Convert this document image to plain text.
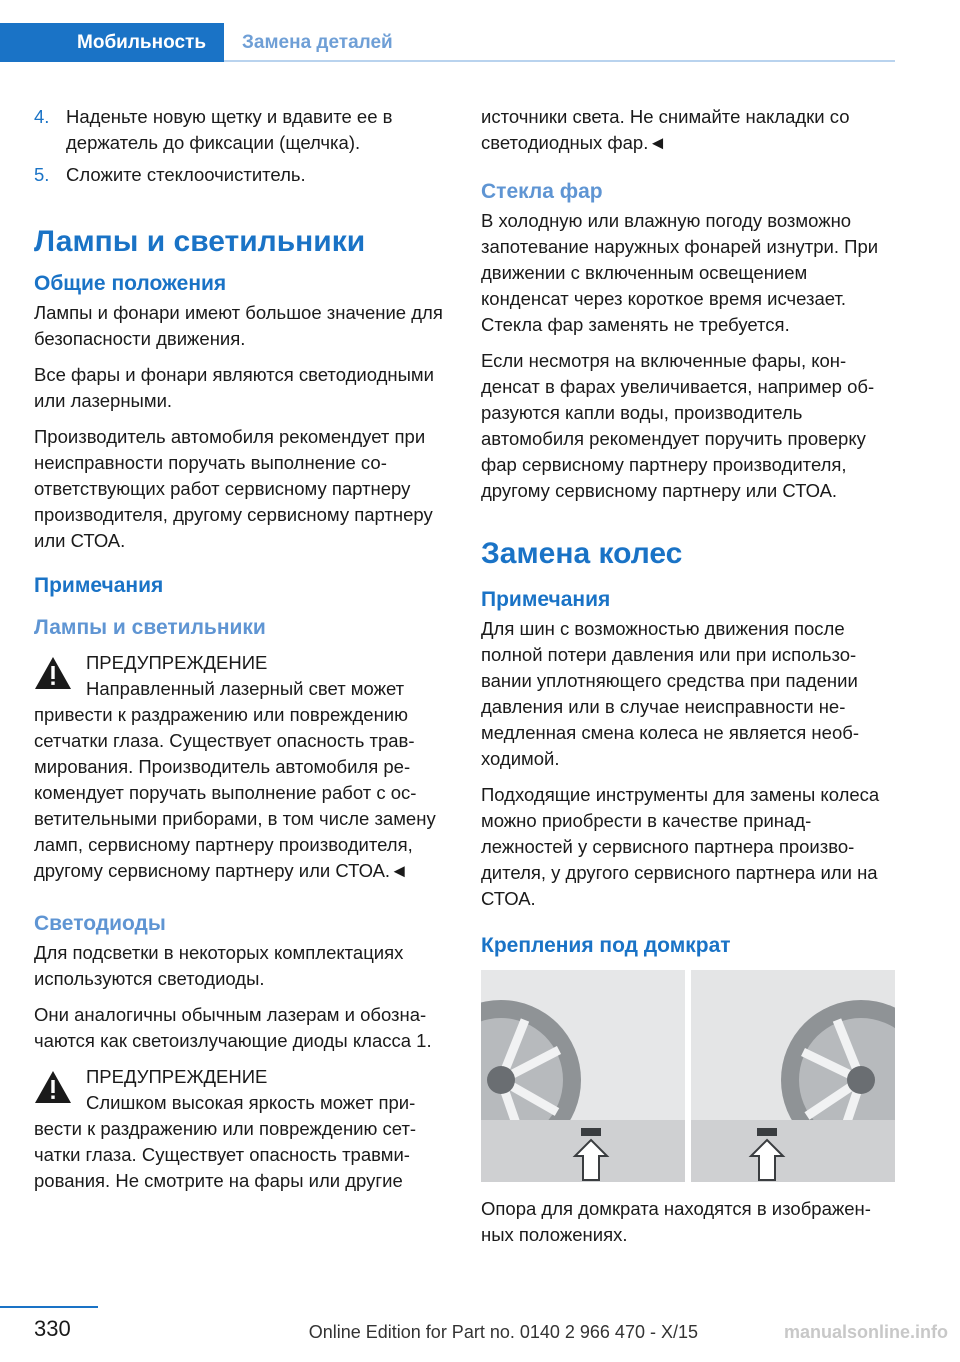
Мобильность	Замена деталей
4. Наденьте новую щетку и вдавите ее в держатель до фиксации (щелчка).
5. Сложите стеклоочиститель.
Лампы и светильники
Общие положения

Лампы и фонари имеют большое значение для безопасности движения.

Все фары и фонари являются светодиодными или лазерными.

Производитель автомобиля рекомендует при неисправности поручать выполнение соответствующих работ сервисному партнеру производителя, другому сервисному партнеру или СТОА.

Примечания
Лампы и светильники
ПРЕДУПРЕЖДЕНИЕ
Направленный лазерный свет может привести к раздражению или повреждению сетчатки глаза. Существует опасность травмирования. Производитель автомобиля рекомендует поручать выполнение работ с осветительными приборами, в том числе замену ламп, сервисному партнеру производителя, другому сервисному партнеру или СТОА.◄
Светодиоды

Для подсветки в некоторых комплектациях используются светодиоды.

Они аналогичны обычным лазерам и обозначаются как светоизлучающие диоды класса 1.

ПРЕДУПРЕЖДЕНИЕ
Слишком высокая яркость может привести к раздражению или повреждению сетчатки глаза. Существует опасность травмирования. Не смотрите на фары или другие

источники света. Не снимайте накладки со светодиодных фар.◄

Стекла фар

В холодную или влажную погоду возможно запотевание наружных фонарей изнутри. При движении с включенным освещением конденсат через короткое время исчезает. Стекла фар заменять не требуется.

Если несмотря на включенные фары, конденсат в фарах увеличивается, например образуются капли воды, производитель автомобиля рекомендует поручить проверку фар сервисному партнеру производителя, другому сервисному партнеру или СТОА.

Замена колес
Примечания

Для шин с возможностью движения после полной потери давления или при использовании уплотняющего средства при падении давления или в случае неисправности немедленная смена колеса не является необходимой.

Подходящие инструменты для замены колеса можно приобрести в качестве принадлежностей у сервисного партнера производителя, у другого сервисного партнера или на СТОА.

Крепления под домкрат

Опора для домкрата находятся в изображенных положениях.

330	Online Edition for Part no. 0140 2 966 470 - X/15	manualsonline.info
